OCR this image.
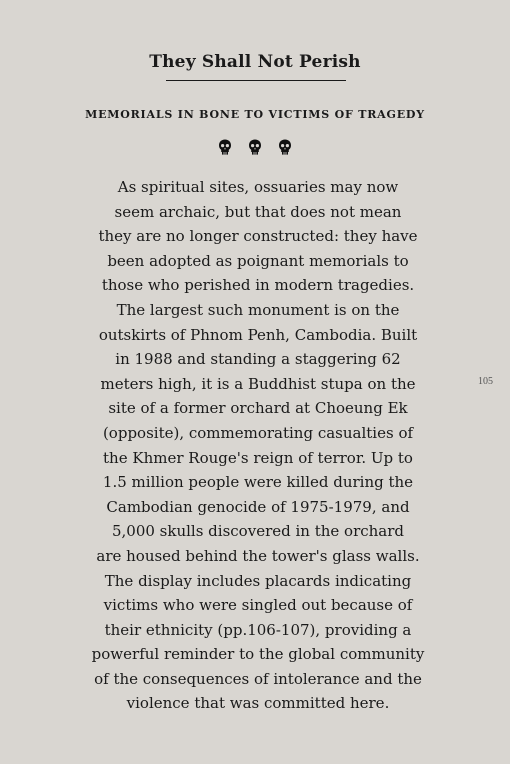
They Shall Not Perish
MEMORIALS IN BONE TO VICTIMS OF TRAGEDY
As spiritual sites, ossuaries may now
seem archaic, but that does not mean
they are no longer constructed: they have
been adopted as poignant memorials to
those who perished in modern tragedies.
The largest such monument is on the
outskirts of Phnom Penh, Cambodia. Built
in 1988 and standing a staggering 62
meters high, it is a Buddhist stupa on the
site of a former orchard at Choeung Ek
(opposite), commemorating casualties of
the Khmer Rouge's reign of terror. Up to
1.5 million people were killed during the
Cambodian genocide of 1975-1979, and
5,000 skulls discovered in the orchard
are housed behind the tower's glass walls.
The display includes placards indicating
victims who were singled out because of
their ethnicity (pp.106-107), providing a
powerful reminder to the global community
of the consequences of intolerance and the
violence that was committed here.
105
